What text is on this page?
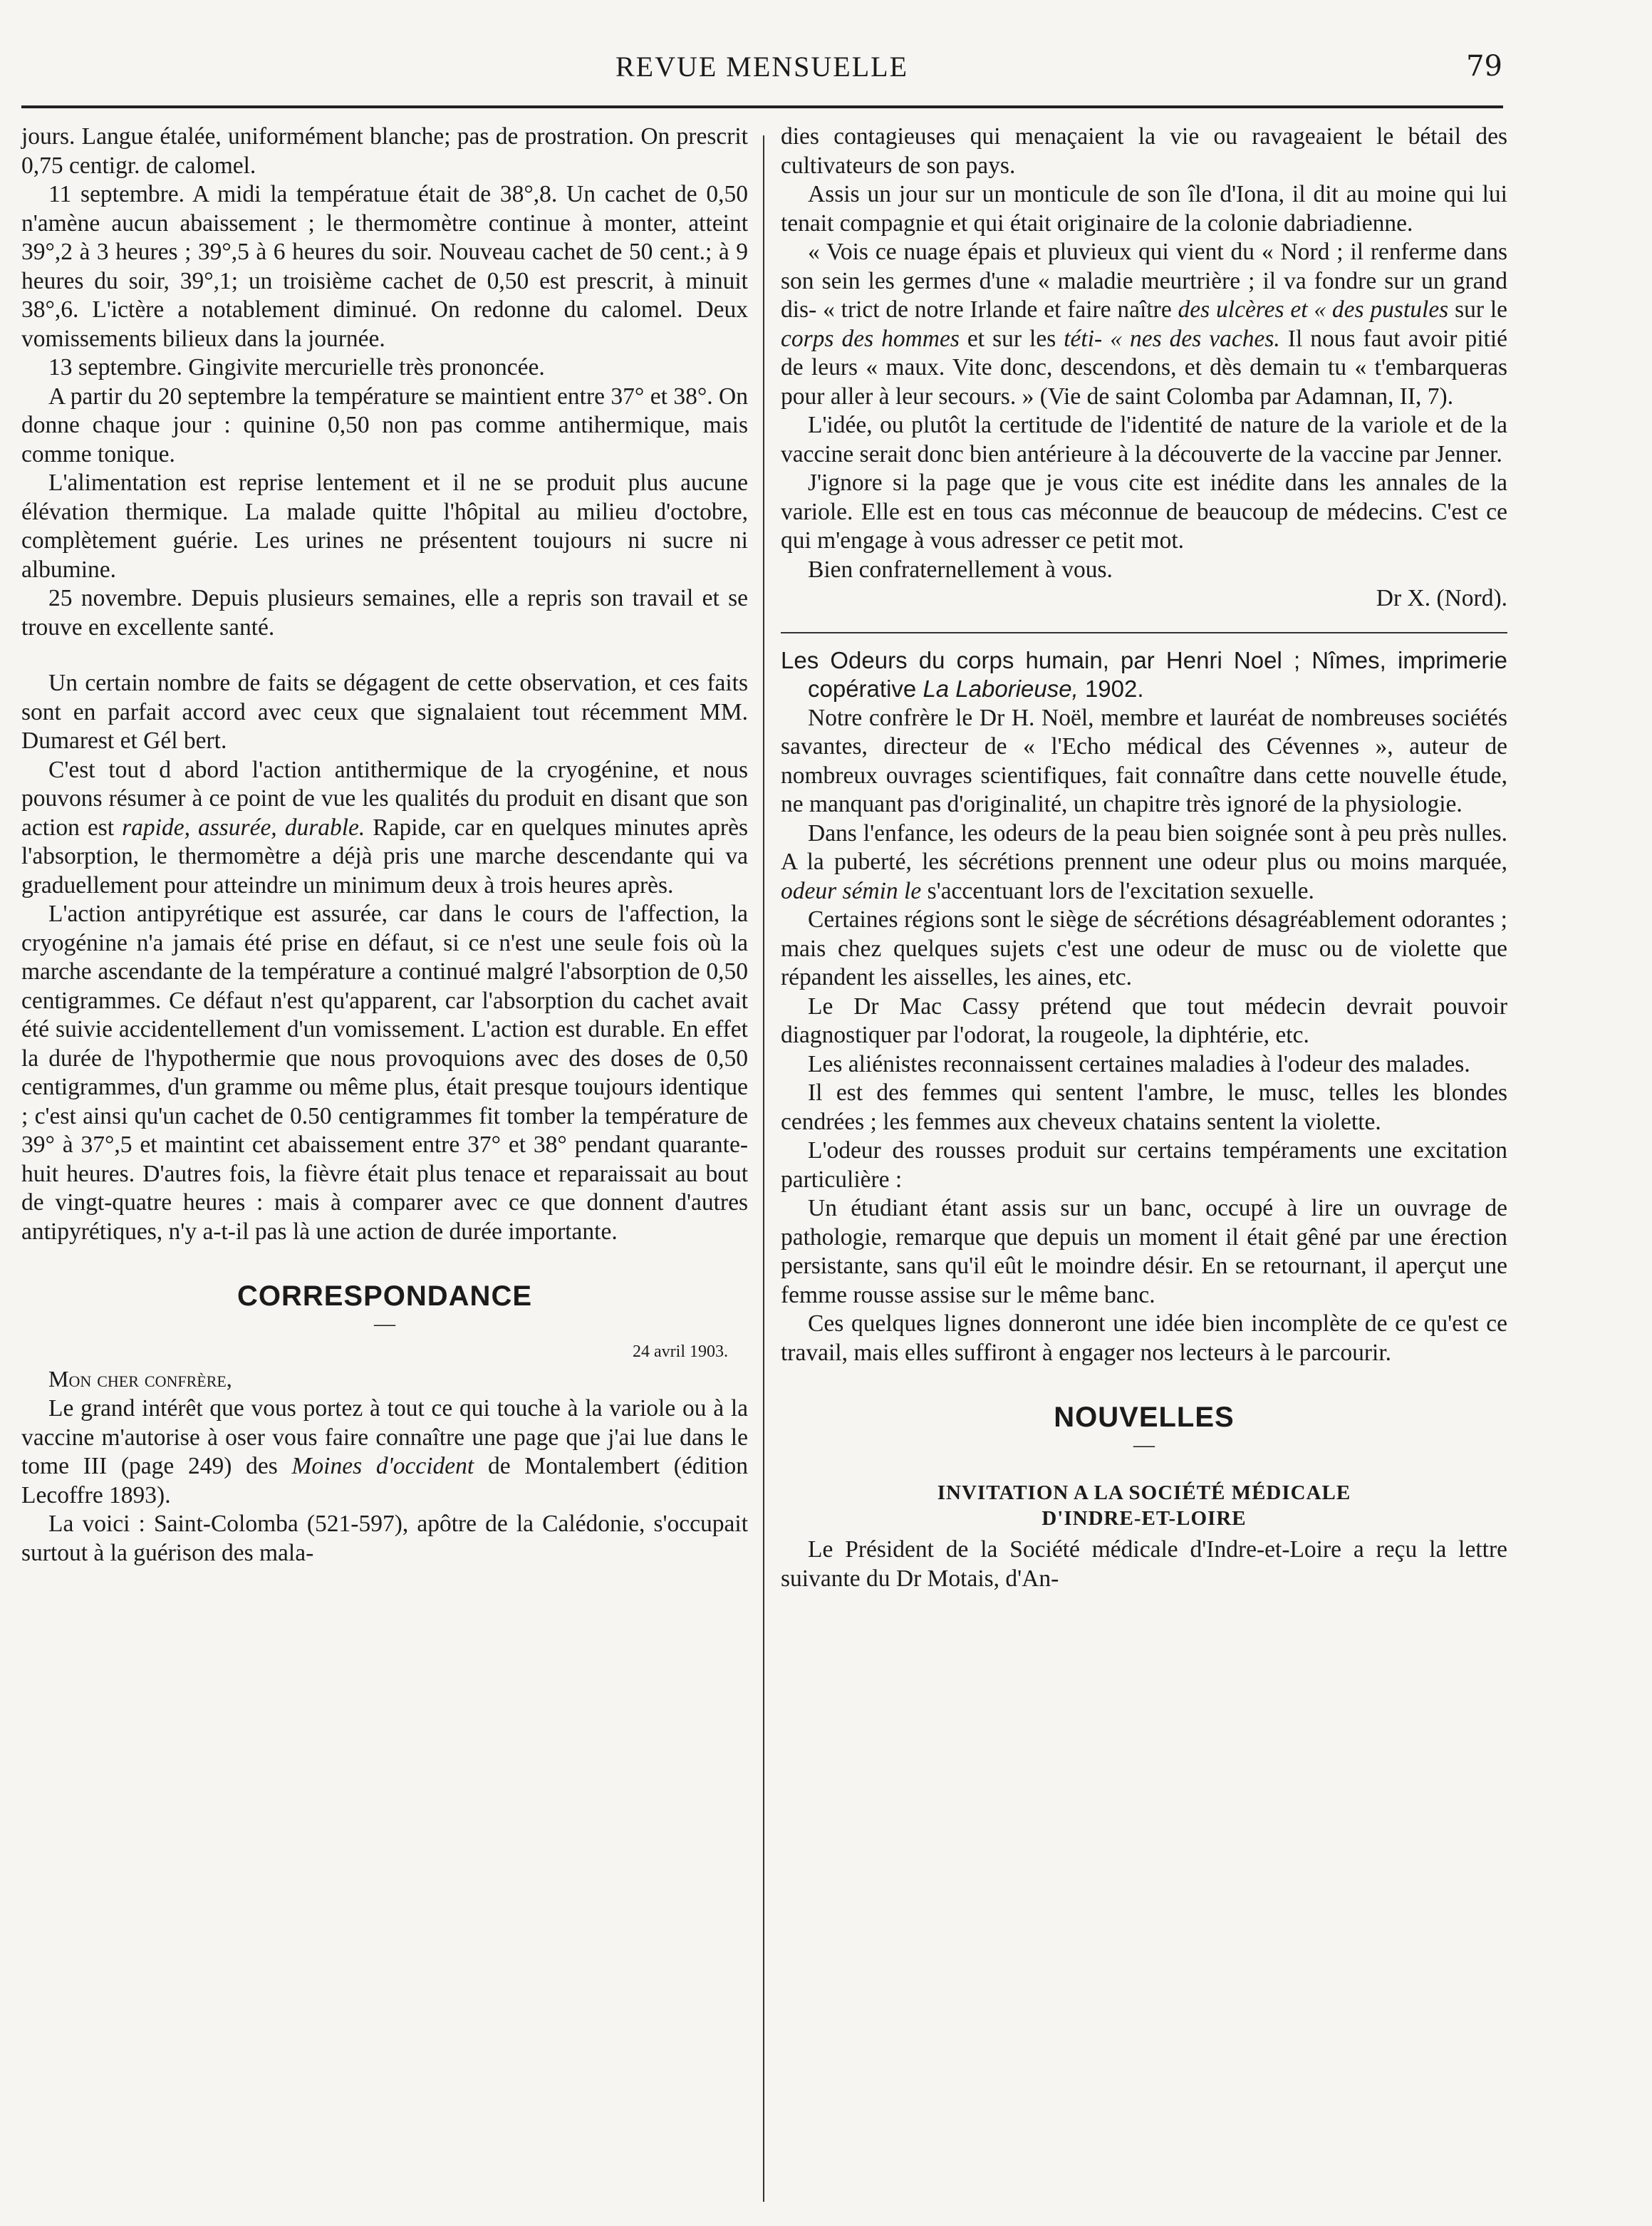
REVUE MENSUELLE	79

jours. Langue étalée, uniformément blanche; pas de prostration. On prescrit 0,75 centigr. de calomel.

11 septembre. A midi la températuıe était de 38°,8. Un cachet de 0,50 n'amène aucun abaissement ; le thermomètre continue à monter, atteint 39°,2 à 3 heures ; 39°,5 à 6 heures du soir. Nouveau cachet de 50 cent.; à 9 heures du soir, 39°,1; un troisième cachet de 0,50 est prescrit, à minuit 38°,6. L'ictère a notablement diminué. On redonne du calomel. Deux vomissements bilieux dans la journée.

13 septembre. Gingivite mercurielle très prononcée.

A partir du 20 septembre la température se maintient entre 37° et 38°. On donne chaque jour : quinine 0,50 non pas comme antihermique, mais comme tonique.

L'alimentation est reprise lentement et il ne se produit plus aucune élévation thermique. La malade quitte l'hôpital au milieu d'octobre, complètement guérie. Les urines ne présentent toujours ni sucre ni albumine.

25 novembre. Depuis plusieurs semaines, elle a repris son travail et se trouve en excellente santé.

Un certain nombre de faits se dégagent de cette observation, et ces faits sont en parfait accord avec ceux que signalaient tout récemment MM. Dumarest et Gél bert.

C'est tout d abord l'action antithermique de la cryogénine, et nous pouvons résumer à ce point de vue les qualités du produit en disant que son action est rapide, assurée, durable. Rapide, car en quelques minutes après l'absorption, le thermomètre a déjà pris une marche descendante qui va graduellement pour atteindre un minimum deux à trois heures après.

L'action antipyrétique est assurée, car dans le cours de l'affection, la cryogénine n'a jamais été prise en défaut, si ce n'est une seule fois où la marche ascendante de la température a continué malgré l'absorption de 0,50 centigrammes. Ce défaut n'est qu'apparent, car l'absorption du cachet avait été suivie accidentellement d'un vomissement. L'action est durable. En effet la durée de l'hypothermie que nous provoquions avec des doses de 0,50 centigrammes, d'un gramme ou même plus, était presque toujours identique ; c'est ainsi qu'un cachet de 0.50 centigrammes fit tomber la température de 39° à 37°,5 et maintint cet abaissement entre 37° et 38° pendant quarante-huit heures. D'autres fois, la fièvre était plus tenace et reparaissait au bout de vingt-quatre heures : mais à comparer avec ce que donnent d'autres antipyrétiques, n'y a-t-il pas là une action de durée importante.

CORRESPONDANCE
—
24 avril 1903.

Mon cher confrère,

Le grand intérêt que vous portez à tout ce qui touche à la variole ou à la vaccine m'autorise à oser vous faire connaître une page que j'ai lue dans le tome III (page 249) des Moines d'occident de Montalembert (édition Lecoffre 1893).

La voici : Saint-Colomba (521-597), apôtre de la Calédonie, s'occupait surtout à la guérison des mala-

dies contagieuses qui menaçaient la vie ou ravageaient le bétail des cultivateurs de son pays.

Assis un jour sur un monticule de son île d'Iona, il dit au moine qui lui tenait compagnie et qui était originaire de la colonie dabriadienne.

« Vois ce nuage épais et pluvieux qui vient du « Nord ; il renferme dans son sein les germes d'une « maladie meurtrière ; il va fondre sur un grand dis- « trict de notre Irlande et faire naître des ulcères et « des pustules sur le corps des hommes et sur les téti- « nes des vaches. Il nous faut avoir pitié de leurs « maux. Vite donc, descendons, et dès demain tu « t'embarqueras pour aller à leur secours. » (Vie de saint Colomba par Adamnan, II, 7).

L'idée, ou plutôt la certitude de l'identité de nature de la variole et de la vaccine serait donc bien antérieure à la découverte de la vaccine par Jenner.

J'ignore si la page que je vous cite est inédite dans les annales de la variole. Elle est en tous cas méconnue de beaucoup de médecins. C'est ce qui m'engage à vous adresser ce petit mot.

Bien confraternellement à vous.

Dr X. (Nord).

Les Odeurs du corps humain, par Henri Noel ; Nîmes, imprimerie copérative La Laborieuse, 1902.

Notre confrère le Dr H. Noël, membre et lauréat de nombreuses sociétés savantes, directeur de « l'Echo médical des Cévennes », auteur de nombreux ouvrages scientifiques, fait connaître dans cette nouvelle étude, ne manquant pas d'originalité, un chapitre très ignoré de la physiologie.

Dans l'enfance, les odeurs de la peau bien soignée sont à peu près nulles. A la puberté, les sécrétions prennent une odeur plus ou moins marquée, odeur sémin le s'accentuant lors de l'excitation sexuelle.

Certaines régions sont le siège de sécrétions désagréablement odorantes ; mais chez quelques sujets c'est une odeur de musc ou de violette que répandent les aisselles, les aines, etc.

Le Dr Mac Cassy prétend que tout médecin devrait pouvoir diagnostiquer par l'odorat, la rougeole, la diphtérie, etc.

Les aliénistes reconnaissent certaines maladies à l'odeur des malades.

Il est des femmes qui sentent l'ambre, le musc, telles les blondes cendrées ; les femmes aux cheveux chatains sentent la violette.

L'odeur des rousses produit sur certains tempéraments une excitation particulière :

Un étudiant étant assis sur un banc, occupé à lire un ouvrage de pathologie, remarque que depuis un moment il était gêné par une érection persistante, sans qu'il eût le moindre désir. En se retournant, il aperçut une femme rousse assise sur le même banc.

Ces quelques lignes donneront une idée bien incomplète de ce qu'est ce travail, mais elles suffiront à engager nos lecteurs à le parcourir.

NOUVELLES
—
INVITATION A LA SOCIÉTÉ MÉDICALE
D'INDRE-ET-LOIRE

Le Président de la Société médicale d'Indre-et-Loire a reçu la lettre suivante du Dr Motais, d'An-
